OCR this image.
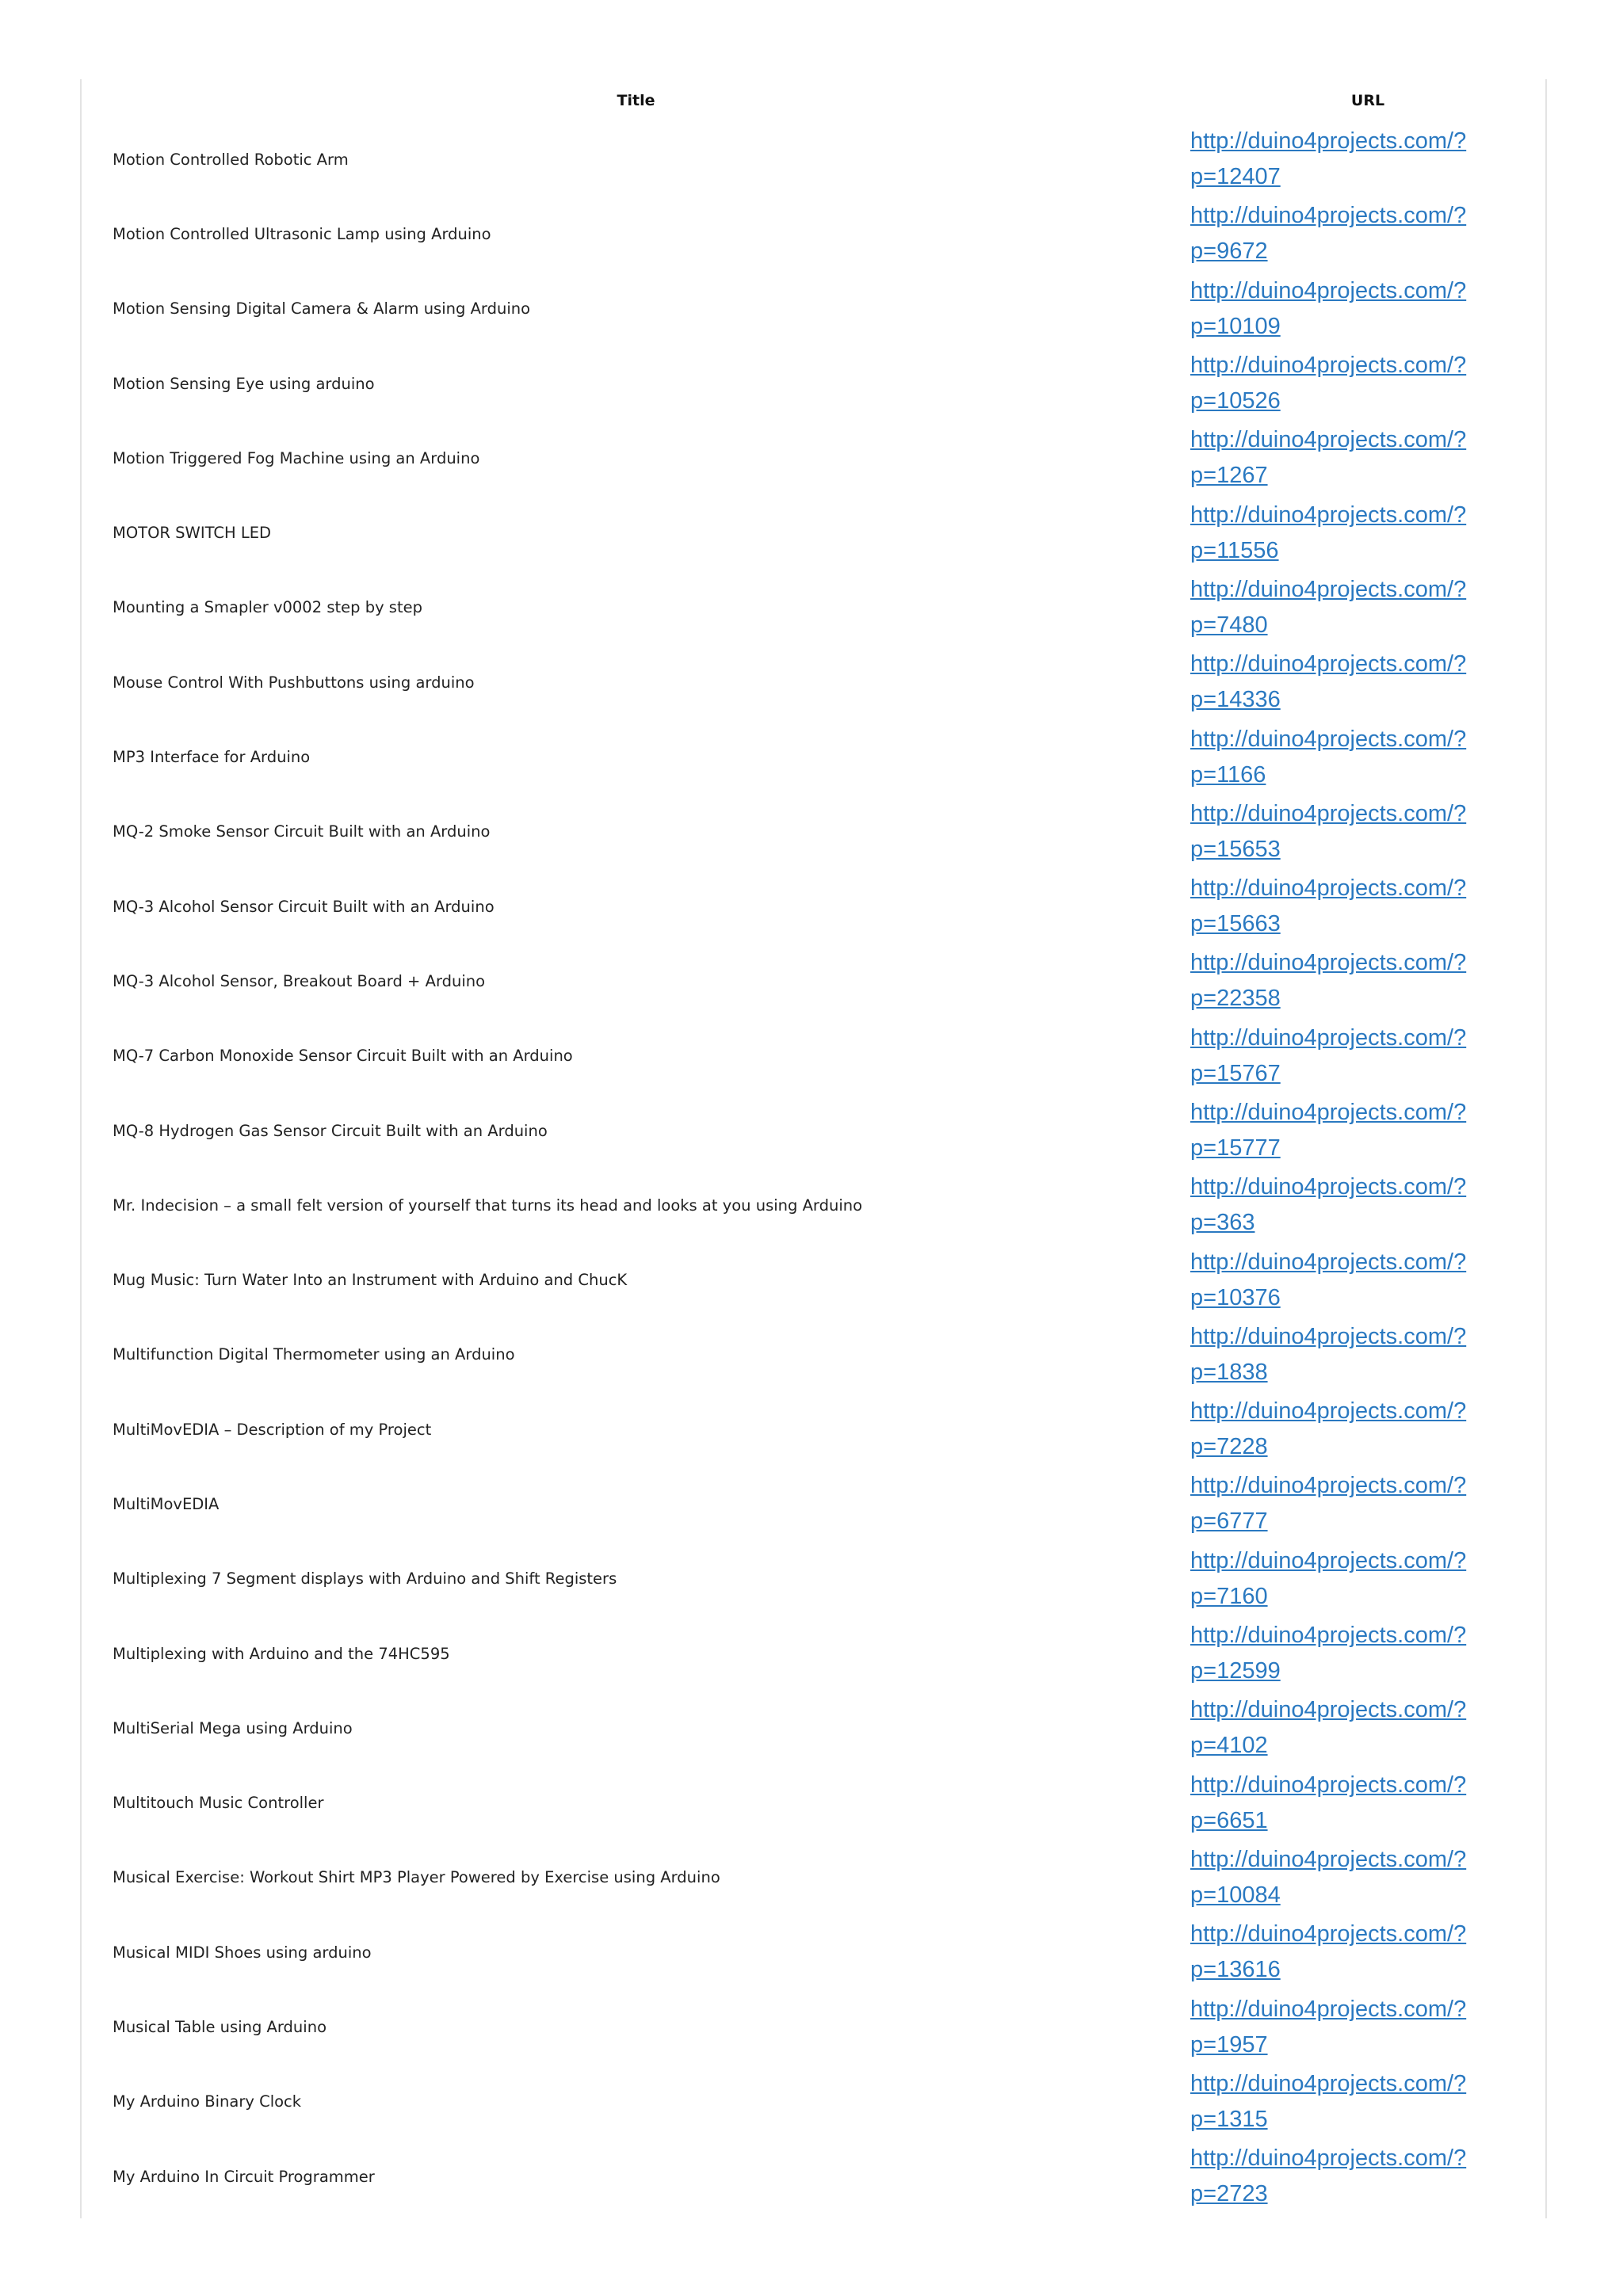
Title	URL
Motion Controlled Robotic Arm	http://duino4projects.com/?p=12407

Motion Controlled Ultrasonic Lamp using Arduino	http://duino4projects.com/?p=9672

Motion Sensing Digital Camera & Alarm using Arduino	http://duino4projects.com/?p=10109

Motion Sensing Eye using arduino	http://duino4projects.com/?p=10526

Motion Triggered Fog Machine using an Arduino	http://duino4projects.com/?p=1267

MOTOR SWITCH LED	http://duino4projects.com/?p=11556

Mounting a Smapler v0002 step by step	http://duino4projects.com/?p=7480

Mouse Control With Pushbuttons using arduino	http://duino4projects.com/?p=14336

MP3 Interface for Arduino	http://duino4projects.com/?p=1166

MQ-2 Smoke Sensor Circuit Built with an Arduino	http://duino4projects.com/?p=15653

MQ-3 Alcohol Sensor Circuit Built with an Arduino	http://duino4projects.com/?p=15663

MQ-3 Alcohol Sensor, Breakout Board + Arduino	http://duino4projects.com/?p=22358

MQ-7 Carbon Monoxide Sensor Circuit Built with an Arduino	http://duino4projects.com/?p=15767

MQ-8 Hydrogen Gas Sensor Circuit Built with an Arduino	http://duino4projects.com/?p=15777

Mr. Indecision – a small felt version of yourself that turns its head and looks at you using Arduino	http://duino4projects.com/?p=363

Mug Music: Turn Water Into an Instrument with Arduino and ChucK	http://duino4projects.com/?p=10376

Multifunction Digital Thermometer using an Arduino	http://duino4projects.com/?p=1838

MultiMovEDIA – Description of my Project	http://duino4projects.com/?p=7228

MultiMovEDIA	http://duino4projects.com/?p=6777

Multiplexing 7 Segment displays with Arduino and Shift Registers	http://duino4projects.com/?p=7160

Multiplexing with Arduino and the 74HC595	http://duino4projects.com/?p=12599

MultiSerial Mega using Arduino	http://duino4projects.com/?p=4102

Multitouch Music Controller	http://duino4projects.com/?p=6651

Musical Exercise: Workout Shirt MP3 Player Powered by Exercise using Arduino	http://duino4projects.com/?p=10084

Musical MIDI Shoes using arduino	http://duino4projects.com/?p=13616

Musical Table using Arduino	http://duino4projects.com/?p=1957

My Arduino Binary Clock	http://duino4projects.com/?p=1315

My Arduino In Circuit Programmer	http://duino4projects.com/?p=2723
